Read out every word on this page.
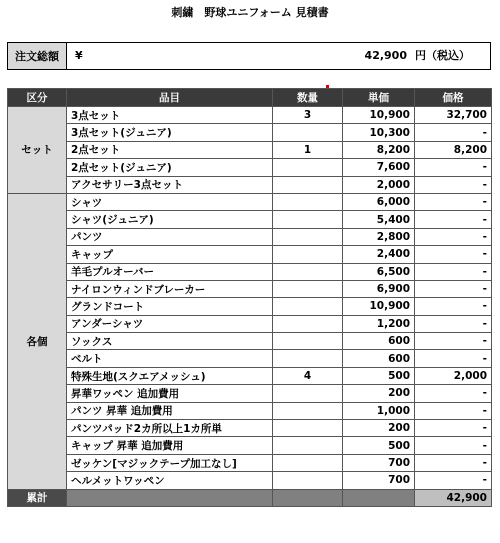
刺繍　野球ユニフォーム 見積書
注文総額	¥	42,900 円（税込）
区分	品目	数量	単価	価格
セット	3点セット	3	10,900	32,700
	3点セット(ジュニア)		10,300	-
	2点セット	1	8,200	8,200
	2点セット(ジュニア)		7,600	-
	アクセサリー3点セット		2,000	-
各個	シャツ		6,000	-
	シャツ(ジュニア)		5,400	-
	パンツ		2,800	-
	キャップ		2,400	-
	羊毛プルオーバー		6,500	-
	ナイロンウィンドブレーカー		6,900	-
	グランドコート		10,900	-
	アンダーシャツ		1,200	-
	ソックス		600	-
	ベルト		600	-
	特殊生地(スクエアメッシュ)	4	500	2,000
	昇華ワッペン 追加費用		200	-
	パンツ 昇華 追加費用		1,000	-
	パンツパッド2カ所以上1カ所単		200	-
	キャップ 昇華 追加費用		500	-
	ゼッケン[マジックテープ加工なし]		700	-
	ヘルメットワッペン		700	-
累計				42,900
